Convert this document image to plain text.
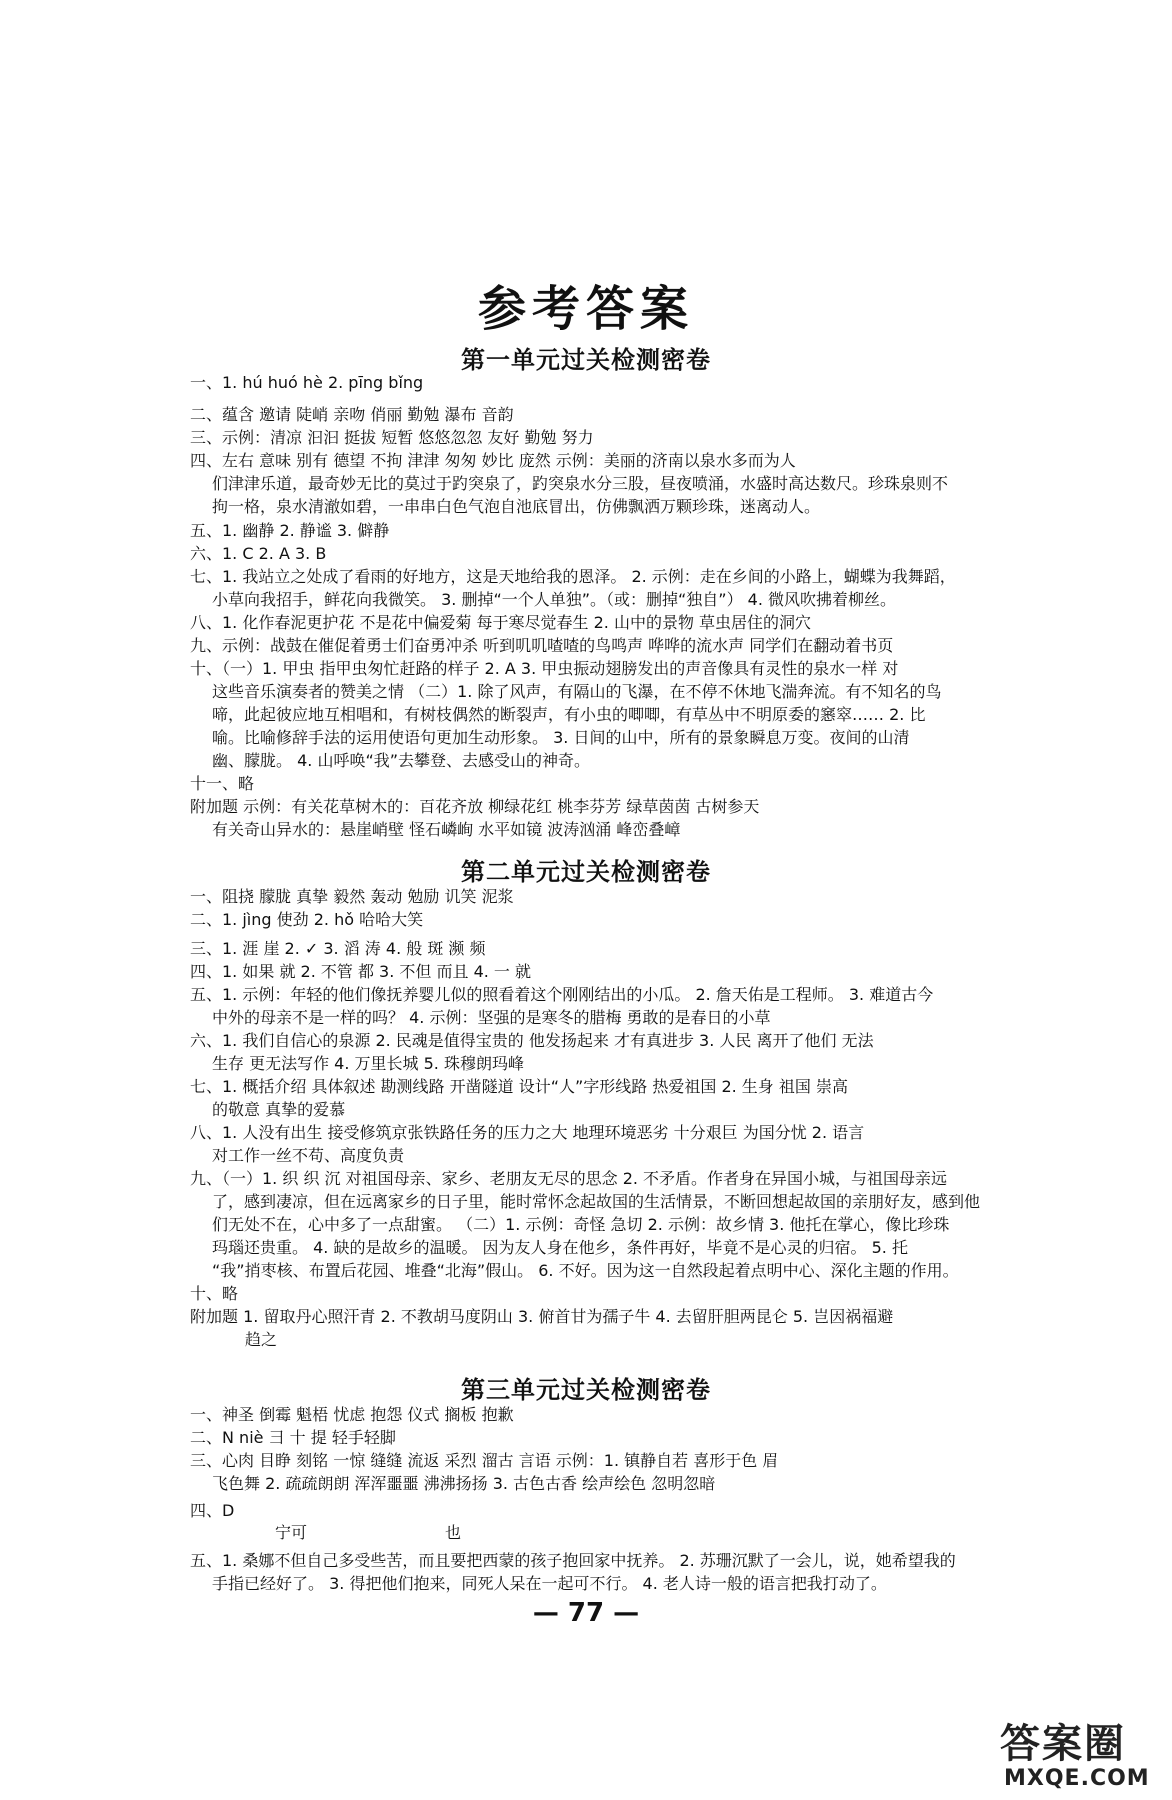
参考答案
第一单元过关检测密卷
一、1. hú huó hè 2. pīng bǐng
二、蕴含 邀请 陡峭 亲吻 俏丽 勤勉 瀑布 音韵
三、示例：清凉 汩汩 挺拔 短暂 悠悠忽忽 友好 勤勉 努力
四、左右 意味 别有 德望 不拘 津津 匆匆 妙比 庞然 示例：美丽的济南以泉水多而为人
们津津乐道，最奇妙无比的莫过于趵突泉了，趵突泉水分三股，昼夜喷涌，水盛时高达数尺。珍珠泉则不
拘一格，泉水清澈如碧，一串串白色气泡自池底冒出，仿佛飘洒万颗珍珠，迷离动人。
五、1. 幽静 2. 静谧 3. 僻静
六、1. C 2. A 3. B
七、1. 我站立之处成了看雨的好地方，这是天地给我的恩泽。 2. 示例：走在乡间的小路上，蝴蝶为我舞蹈，
小草向我招手，鲜花向我微笑。 3. 删掉“一个人单独”。（或：删掉“独自”） 4. 微风吹拂着柳丝。
八、1. 化作春泥更护花 不是花中偏爱菊 每于寒尽觉春生 2. 山中的景物 草虫居住的洞穴
九、示例：战鼓在催促着勇士们奋勇冲杀 听到叽叽喳喳的鸟鸣声 哗哗的流水声 同学们在翻动着书页
十、（一）1. 甲虫 指甲虫匆忙赶路的样子 2. A 3. 甲虫振动翅膀发出的声音像具有灵性的泉水一样 对
这些音乐演奏者的赞美之情 （二）1. 除了风声，有隔山的飞瀑，在不停不休地飞湍奔流。有不知名的鸟
啼，此起彼应地互相唱和，有树枝偶然的断裂声，有小虫的唧唧，有草丛中不明原委的窸窣…… 2. 比
喻。比喻修辞手法的运用使语句更加生动形象。 3. 日间的山中，所有的景象瞬息万变。夜间的山清
幽、朦胧。 4. 山呼唤“我”去攀登、去感受山的神奇。
十一、略
附加题 示例：有关花草树木的：百花齐放 柳绿花红 桃李芬芳 绿草茵茵 古树参天
有关奇山异水的：悬崖峭壁 怪石嶙峋 水平如镜 波涛汹涌 峰峦叠嶂
第二单元过关检测密卷
一、阻挠 朦胧 真挚 毅然 轰动 勉励 讥笑 泥浆
二、1. jìng 使劲 2. hǒ 哈哈大笑
三、1. 涯 崖 2. ✓ 3. 滔 涛 4. 般 斑 濒 频
四、1. 如果 就 2. 不管 都 3. 不但 而且 4. 一 就
五、1. 示例：年轻的他们像抚养婴儿似的照看着这个刚刚结出的小瓜。 2. 詹天佑是工程师。 3. 难道古今
中外的母亲不是一样的吗？ 4. 示例：坚强的是寒冬的腊梅 勇敢的是春日的小草
六、1. 我们自信心的泉源 2. 民魂是值得宝贵的 他发扬起来 才有真进步 3. 人民 离开了他们 无法
生存 更无法写作 4. 万里长城 5. 珠穆朗玛峰
七、1. 概括介绍 具体叙述 勘测线路 开凿隧道 设计“人”字形线路 热爱祖国 2. 生身 祖国 崇高
的敬意 真挚的爱慕
八、1. 人没有出生 接受修筑京张铁路任务的压力之大 地理环境恶劣 十分艰巨 为国分忧 2. 语言
对工作一丝不苟、高度负责
九、（一）1. 织 织 沉 对祖国母亲、家乡、老朋友无尽的思念 2. 不矛盾。作者身在异国小城，与祖国母亲远
了，感到凄凉，但在远离家乡的日子里，能时常怀念起故国的生活情景，不断回想起故国的亲朋好友，感到他
们无处不在，心中多了一点甜蜜。 （二）1. 示例：奇怪 急切 2. 示例：故乡情 3. 他托在掌心，像比珍珠
玛瑙还贵重。 4. 缺的是故乡的温暖。 因为友人身在他乡，条件再好，毕竟不是心灵的归宿。 5. 托
“我”捎枣核、布置后花园、堆叠“北海”假山。 6. 不好。因为这一自然段起着点明中心、深化主题的作用。
十、略
附加题 1. 留取丹心照汗青 2. 不教胡马度阴山 3. 俯首甘为孺子牛 4. 去留肝胆两昆仑 5. 岂因祸福避
趋之
第三单元过关检测密卷
一、神圣 倒霉 魁梧 忧虑 抱怨 仪式 搁板 抱歉
二、N niè ⺕ 十 提 轻手轻脚
三、心肉 目睁 刻铭 一惊 缝缝 流返 采烈 溜古 言语 示例：1. 镇静自若 喜形于色 眉
飞色舞 2. 疏疏朗朗 浑浑噩噩 沸沸扬扬 3. 古色古香 绘声绘色 忽明忽暗
四、D
宁可	也
五、1. 桑娜不但自己多受些苦，而且要把西蒙的孩子抱回家中抚养。 2. 苏珊沉默了一会儿，说，她希望我的
手指已经好了。 3. 得把他们抱来，同死人呆在一起可不行。 4. 老人诗一般的语言把我打动了。
— 77 —
答案圈
MXQE.COM
